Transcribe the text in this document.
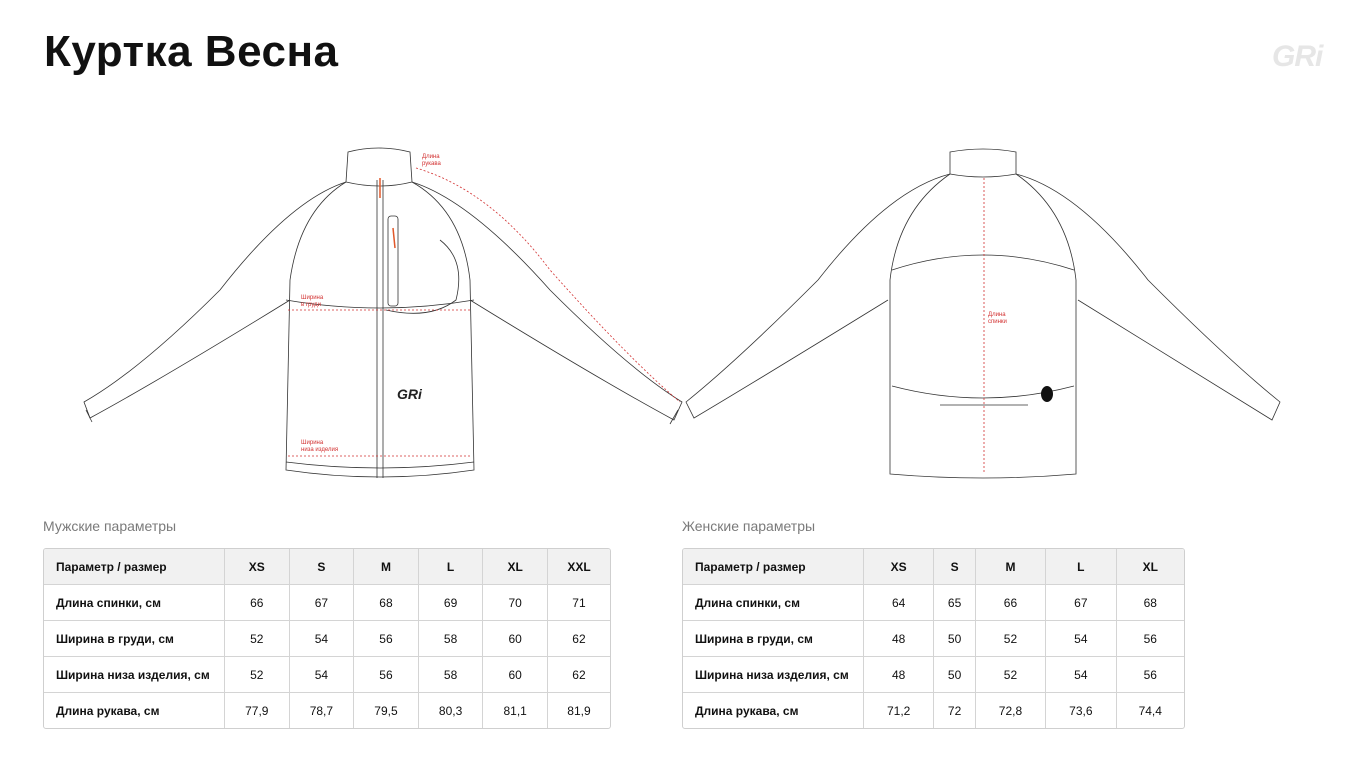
Куртка Весна	GRi
Ширина
в груди
Ширина
низа изделия
Длина
рукава
GRi
Длина
спинки
Мужские параметры	Женские параметры
Параметр / размер	XS	S	M	L	XL	XXL
Длина спинки, см	66	67	68	69	70	71
Ширина в груди, см	52	54	56	58	60	62
Ширина низа изделия, см	52	54	56	58	60	62
Длина рукава, см	77,9	78,7	79,5	80,3	81,1	81,9
Параметр / размер	XS	S	M	L	XL
Длина спинки, см	64	65	66	67	68
Ширина в груди, см	48	50	52	54	56
Ширина низа изделия, см	48	50	52	54	56
Длина рукава, см	71,2	72	72,8	73,6	74,4
